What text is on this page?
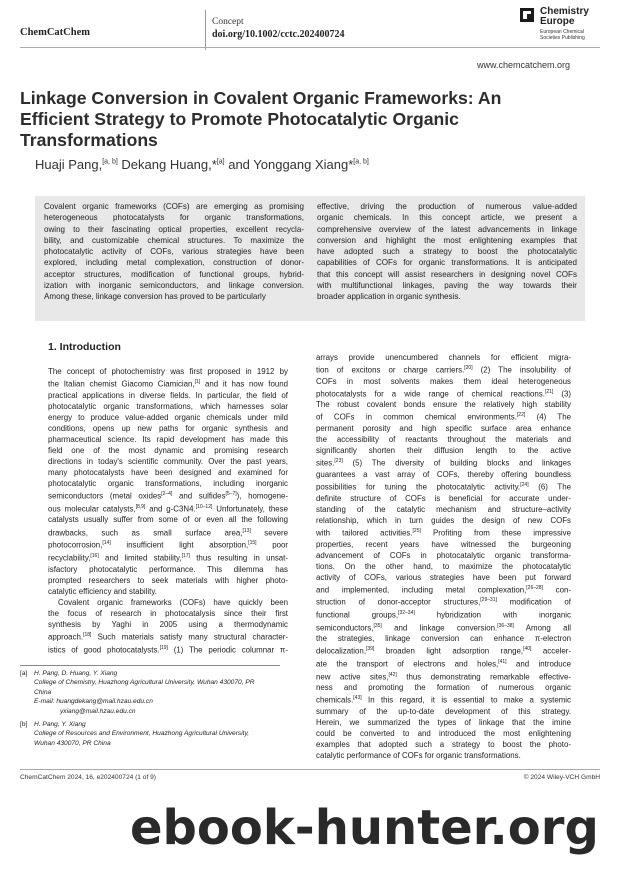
ChemCatChem
Concept
doi.org/10.1002/cctc.202400724
Chemistry
Europe
European Chemical
Societies Publishing
www.chemcatchem.org
Linkage Conversion in Covalent Organic Frameworks: An
Efficient Strategy to Promote Photocatalytic Organic
Transformations
Huaji Pang,[a, b] Dekang Huang,*[a] and Yonggang Xiang*[a, b]
Covalent organic frameworks (COFs) are emerging as promising
heterogeneous photocatalysts for organic transformations,
owing to their fascinating optical properties, excellent recycla-
bility, and customizable chemical structures. To maximize the
photocatalytic activity of COFs, various strategies have been
explored, including metal complexation, construction of donor-
acceptor structures, modification of functional groups, hybrid-
ization with inorganic semiconductors, and linkage conversion.
Among these, linkage conversion has proved to be particularly
effective, driving the production of numerous value-added
organic chemicals. In this concept article, we present a
comprehensive overview of the latest advancements in linkage
conversion and highlight the most enlightening examples that
have adopted such a strategy to boost the photocatalytic
capabilities of COFs for organic transformations. It is anticipated
that this concept will assist researchers in designing novel COFs
with multifunctional linkages, paving the way towards their
broader application in organic synthesis.
1. Introduction
The concept of photochemistry was first proposed in 1912 by
the Italian chemist Giacomo Ciamician,[1] and it has now found
practical applications in diverse fields. In particular, the field of
photocatalytic organic transformations, which harnesses solar
energy to produce value-added organic chemicals under mild
conditions, opens up new paths for organic synthesis and
pharmaceutical science. Its rapid development has made this
field one of the most dynamic and promising research
directions in today's scientific community. Over the past years,
many photocatalysts have been designed and examined for
photocatalytic organic transformations, including inorganic
semiconductors (metal oxides[2–4] and sulfides[5–7]), homogene-
ous molecular catalysts,[8,9] and g-C3N4.[10–12] Unfortunately, these
catalysts usually suffer from some of or even all the following
drawbacks, such as small surface area,[13] severe
photocorrosion,[14] insufficient light absorption,[15] poor
recyclability,[16] and limited stability,[17] thus resulting in unsat-
isfactory photocatalytic performance. This dilemma has
prompted researchers to seek materials with higher photo-
catalytic efficiency and stability.
Covalent organic frameworks (COFs) have quickly been
the focus of research in photocatalysis since their first
synthesis by Yaghi in 2005 using a thermodynamic
approach.[18] Such materials satisfy many structural character-
istics of good photocatalysts.[19] (1) The periodic columnar π-
arrays provide unencumbered channels for efficient migra-
tion of excitons or charge carriers.[20] (2) The insolubility of
COFs in most solvents makes them ideal heterogeneous
photocatalysts for a wide range of chemical reactions.[21] (3)
The robust covalent bonds ensure the relatively high stability
of COFs in common chemical environments.[22] (4) The
permanent porosity and high specific surface area enhance
the accessibility of reactants throughout the materials and
significantly shorten their diffusion length to the active
sites.[23] (5) The diversity of building blocks and linkages
guarantees a vast array of COFs, thereby offering boundless
possibilities for tuning the photocatalytic activity.[24] (6) The
definite structure of COFs is beneficial for accurate under-
standing of the catalytic mechanism and structure–activity
relationship, which in turn guides the design of new COFs
with tailored activities.[25] Profiting from these impressive
properties, recent years have witnessed the burgeoning
advancement of COFs in photocatalytic organic transforma-
tions. On the other hand, to maximize the photocatalytic
activity of COFs, various strategies have been put forward
and implemented, including metal complexation,[26–28] con-
struction of donor-acceptor structures,[29–31] modification of
functional groups,[32–34] hybridization with inorganic
semiconductors,[35] and linkage conversion.[36–38] Among all
the strategies, linkage conversion can enhance π-electron
delocalization,[39] broaden light adsorption range,[40] acceler-
ate the transport of electrons and holes,[41] and introduce
new active sites,[42] thus demonstrating remarkable effective-
ness and promoting the formation of numerous organic
chemicals.[43] In this regard, it is essential to make a systemic
summary of the up-to-date development of this strategy.
Herein, we summarized the types of linkage that the imine
could be converted to and introduced the most enlightening
examples that adopted such a strategy to boost the photo-
catalytic performance of COFs for organic transformations.
[a] H. Pang, D. Huang, Y. Xiang
College of Chemistry, Huazhong Agricultural University, Wuhan 430070, PR
China
E-mail: huangdekang@mail.hzau.edu.cn
yxiang@mail.hzau.edu.cn
[b] H. Pang, Y. Xiang
College of Resources and Environment, Huazhong Agricultural University,
Wuhan 430070, PR China
ChemCatChem 2024, 16, e202400724 (1 of 9)	© 2024 Wiley-VCH GmbH
ebook-hunter.org
